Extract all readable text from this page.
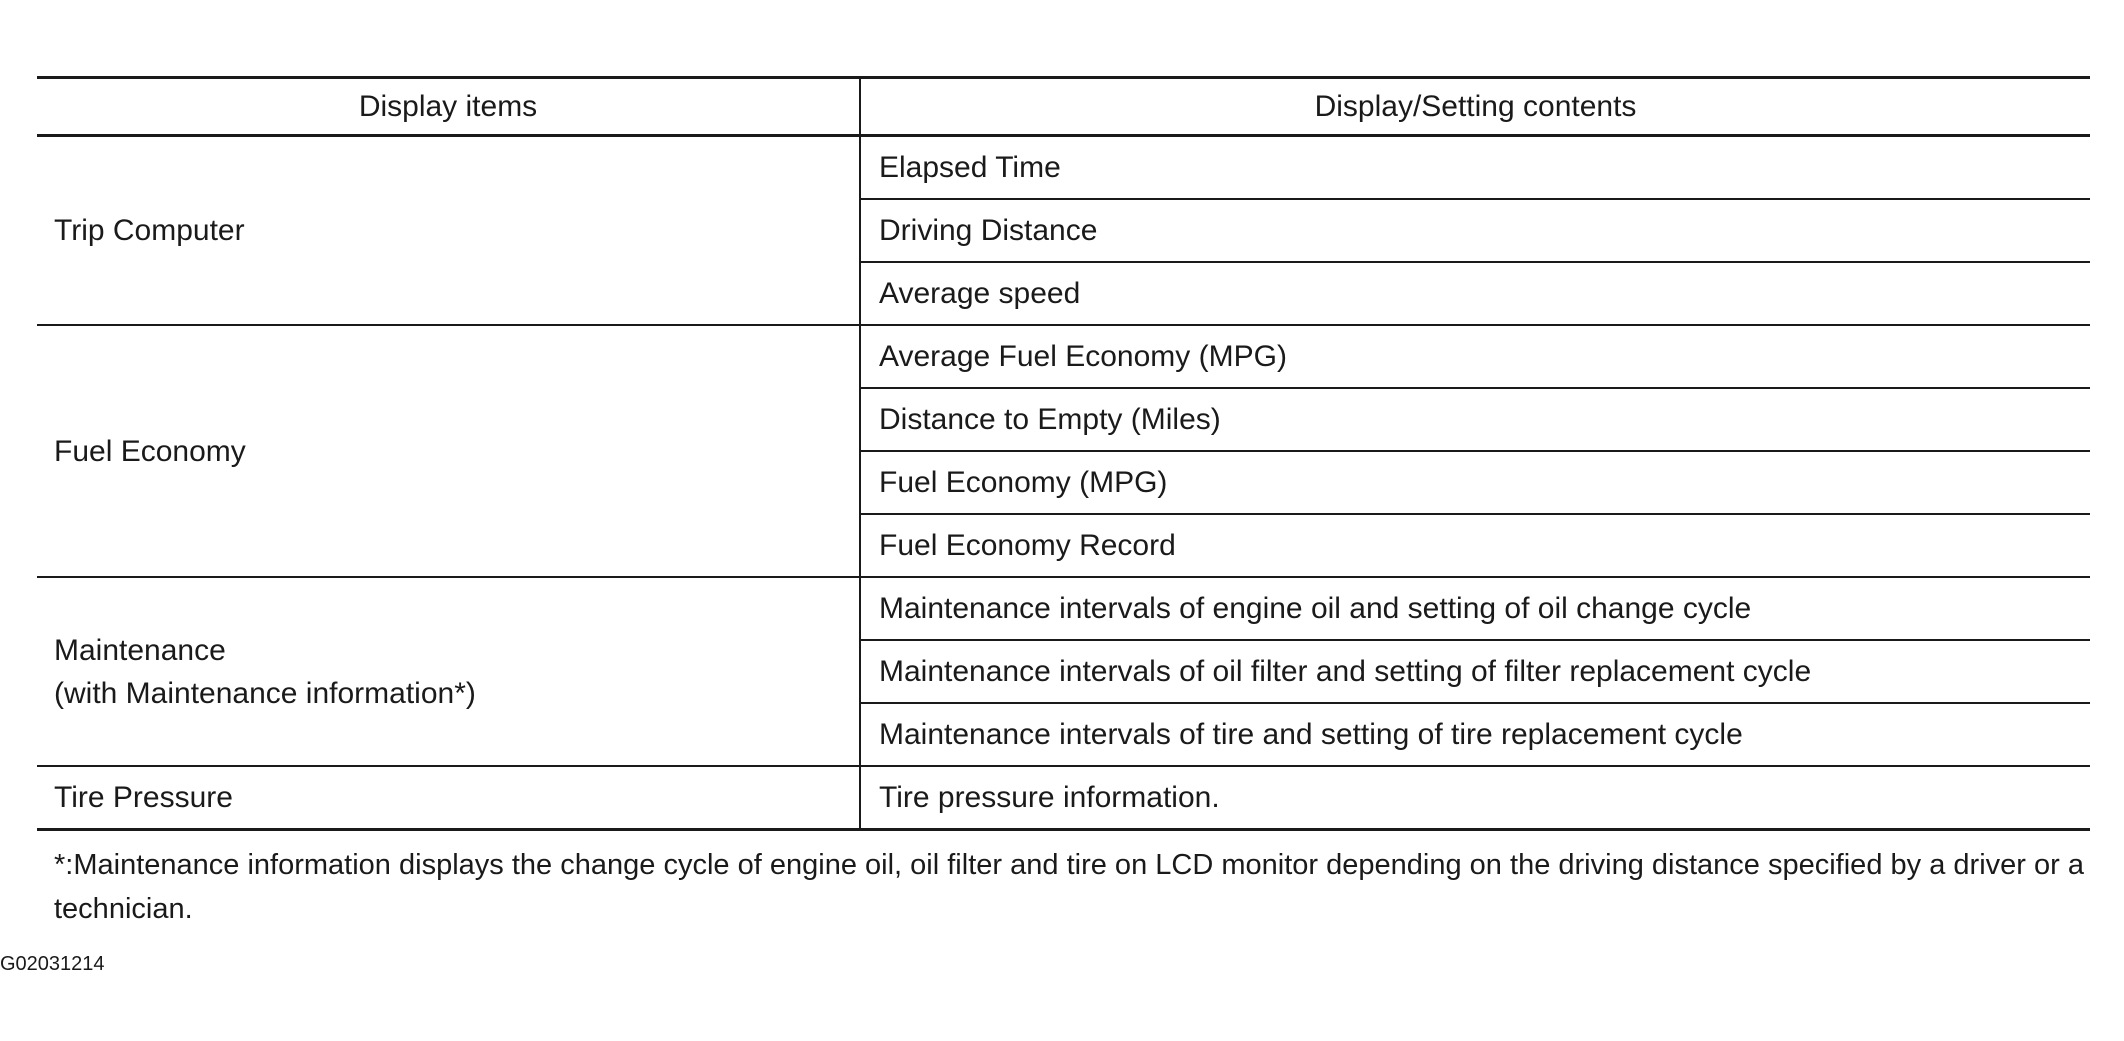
Display items	Display/Setting contents
Trip Computer	Elapsed Time
	Driving Distance
	Average speed
Fuel Economy	Average Fuel Economy (MPG)
	Distance to Empty (Miles)
	Fuel Economy (MPG)
	Fuel Economy Record

Maintenance
(with Maintenance information*)	Maintenance intervals of engine oil and setting of oil change cycle
	Maintenance intervals of oil filter and setting of filter replacement cycle
	Maintenance intervals of tire and setting of tire replacement cycle
Tire Pressure	Tire pressure information.

*:Maintenance information displays the change cycle of engine oil, oil filter and tire on LCD monitor depending on the driving distance specified by a driver or a technician.

G02031214
